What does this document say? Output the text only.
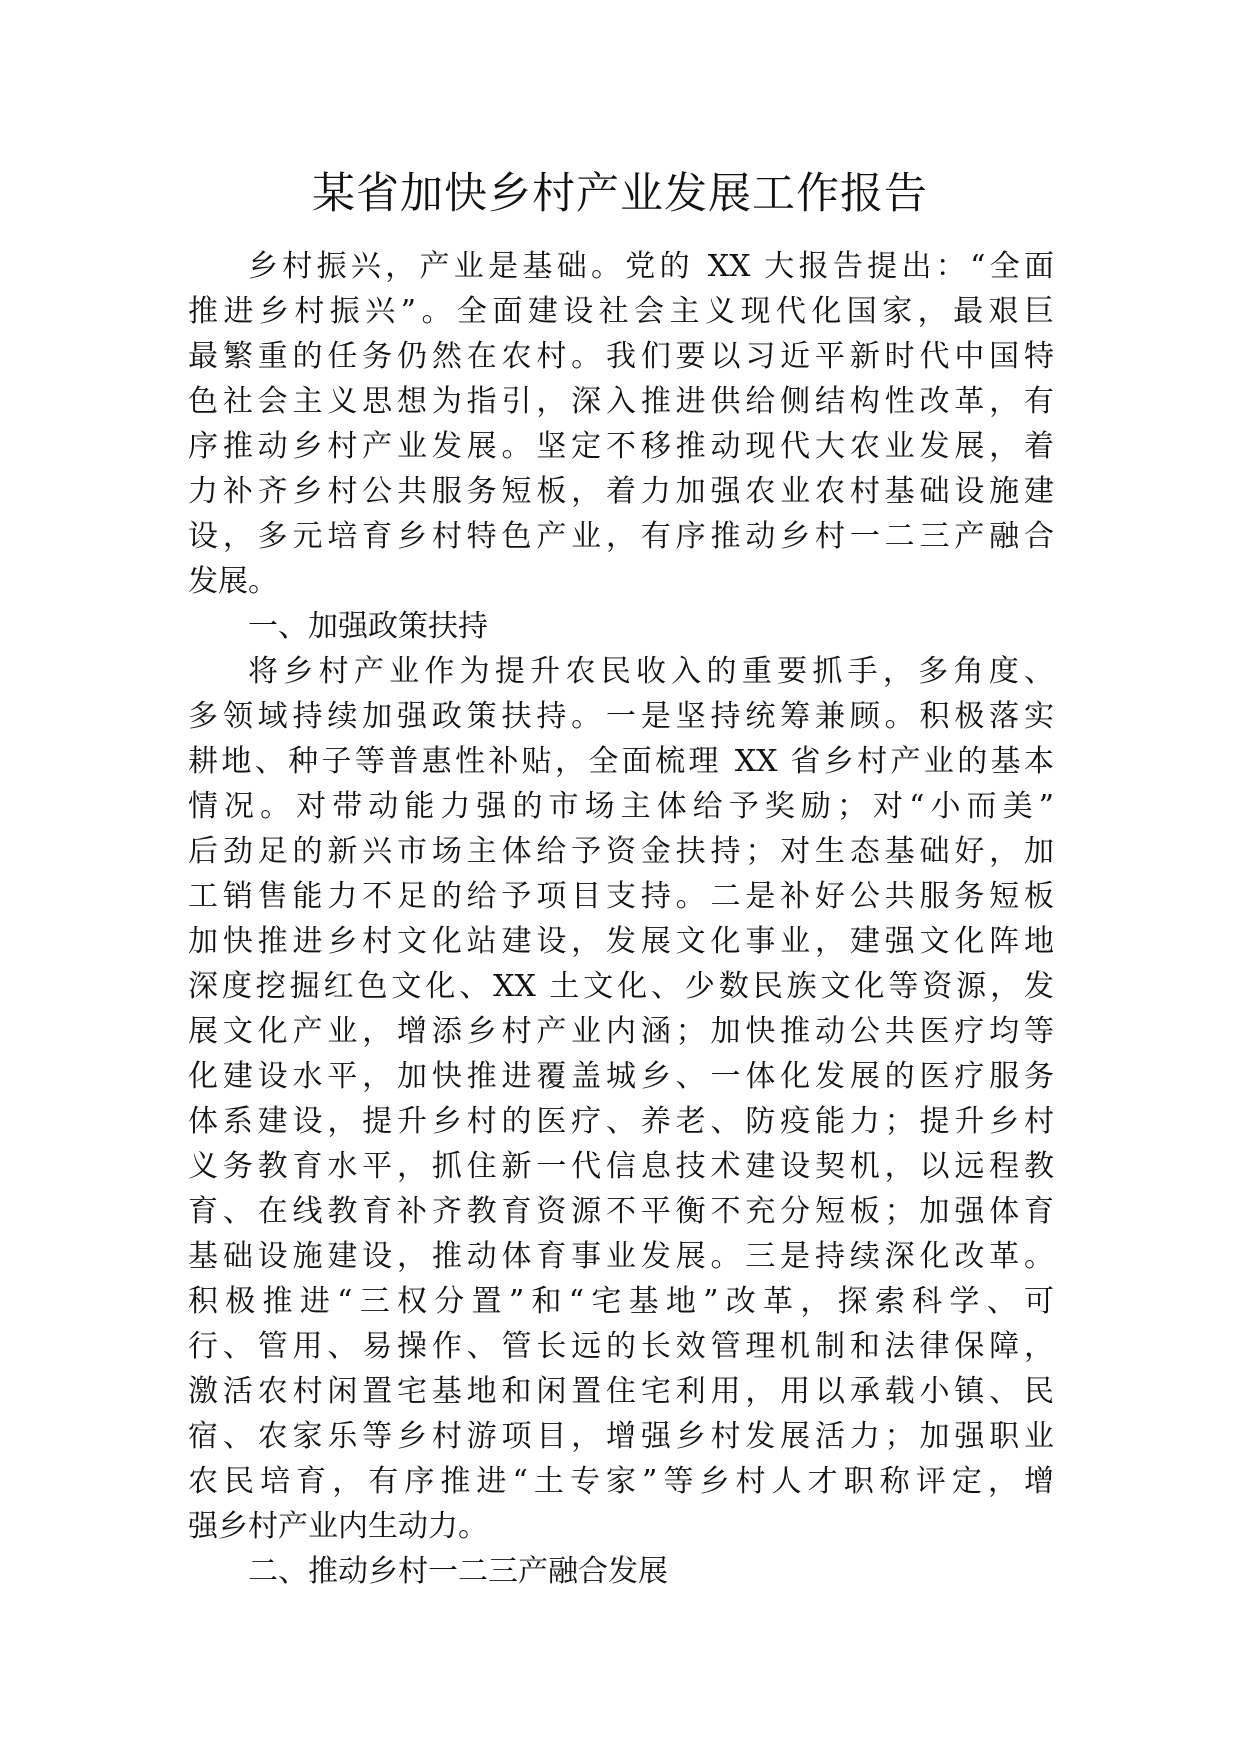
某省加快乡村产业发展工作报告
乡村振兴，产业是基础。党的 XX 大报告提出：“全面
推进乡村振兴”。全面建设社会主义现代化国家，最艰巨
最繁重的任务仍然在农村。我们要以习近平新时代中国特
色社会主义思想为指引，深入推进供给侧结构性改革，有
序推动乡村产业发展。坚定不移推动现代大农业发展，着
力补齐乡村公共服务短板，着力加强农业农村基础设施建
设，多元培育乡村特色产业，有序推动乡村一二三产融合
发展。
一、加强政策扶持
将乡村产业作为提升农民收入的重要抓手，多角度、
多领域持续加强政策扶持。一是坚持统筹兼顾。积极落实
耕地、种子等普惠性补贴，全面梳理 XX 省乡村产业的基本
情况。对带动能力强的市场主体给予奖励；对“小而美”
后劲足的新兴市场主体给予资金扶持；对生态基础好，加
工销售能力不足的给予项目支持。二是补好公共服务短板
加快推进乡村文化站建设，发展文化事业，建强文化阵地
深度挖掘红色文化、XX 土文化、少数民族文化等资源，发
展文化产业，增添乡村产业内涵；加快推动公共医疗均等
化建设水平，加快推进覆盖城乡、一体化发展的医疗服务
体系建设，提升乡村的医疗、养老、防疫能力；提升乡村
义务教育水平，抓住新一代信息技术建设契机，以远程教
育、在线教育补齐教育资源不平衡不充分短板；加强体育
基础设施建设，推动体育事业发展。三是持续深化改革。
积极推进“三权分置”和“宅基地”改革，探索科学、可
行、管用、易操作、管长远的长效管理机制和法律保障，
激活农村闲置宅基地和闲置住宅利用，用以承载小镇、民
宿、农家乐等乡村游项目，增强乡村发展活力；加强职业
农民培育，有序推进“土专家”等乡村人才职称评定，增
强乡村产业内生动力。
二、推动乡村一二三产融合发展
